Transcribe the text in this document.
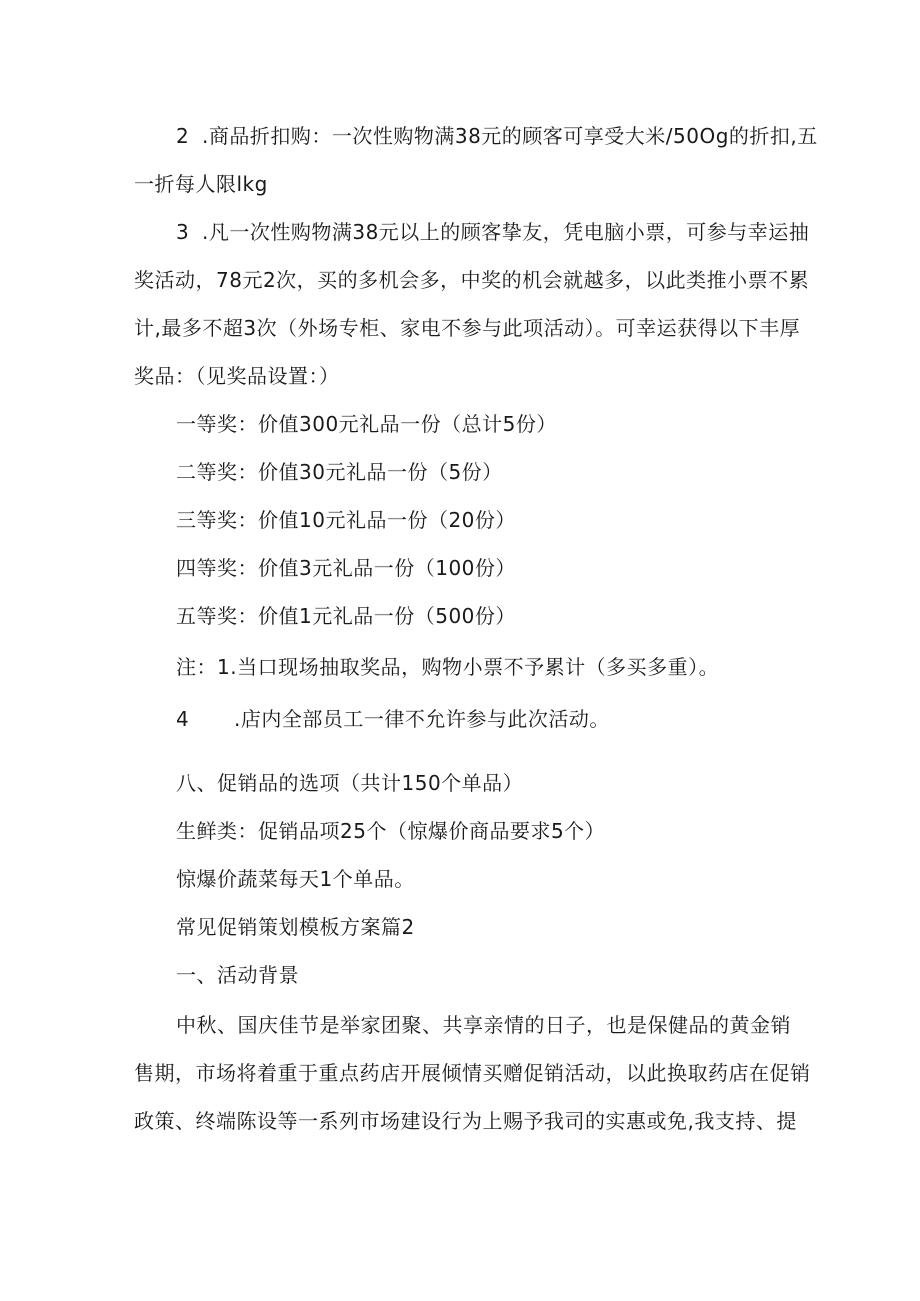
2 .商品折扣购：一次性购物满38元的顾客可享受大米/50Og的折扣,五
一折每人限lkg
3 .凡一次性购物满38元以上的顾客挚友，凭电脑小票，可参与幸运抽
奖活动，78元2次，买的多机会多，中奖的机会就越多，以此类推小票不累
计,最多不超3次（外场专柜、家电不参与此项活动）。可幸运获得以下丰厚
奖品：（见奖品设置：）
一等奖：价值300元礼品一份（总计5份）
二等奖：价值30元礼品一份（5份）
三等奖：价值10元礼品一份（20份）
四等奖：价值3元礼品一份（100份）
五等奖：价值1元礼品一份（500份）
注：1.当口现场抽取奖品，购物小票不予累计（多买多重）。
4 .店内全部员工一律不允许参与此次活动。
八、促销品的选项（共计150个单品）
生鲜类：促销品项25个（惊爆价商品要求5个）
惊爆价蔬菜每天1个单品。
常见促销策划模板方案篇2
一、活动背景
中秋、国庆佳节是举家团聚、共享亲情的日子，也是保健品的黄金销
售期，市场将着重于重点药店开展倾情买赠促销活动，以此换取药店在促销
政策、终端陈设等一系列市场建设行为上赐予我司的实惠或免,我支持、提
